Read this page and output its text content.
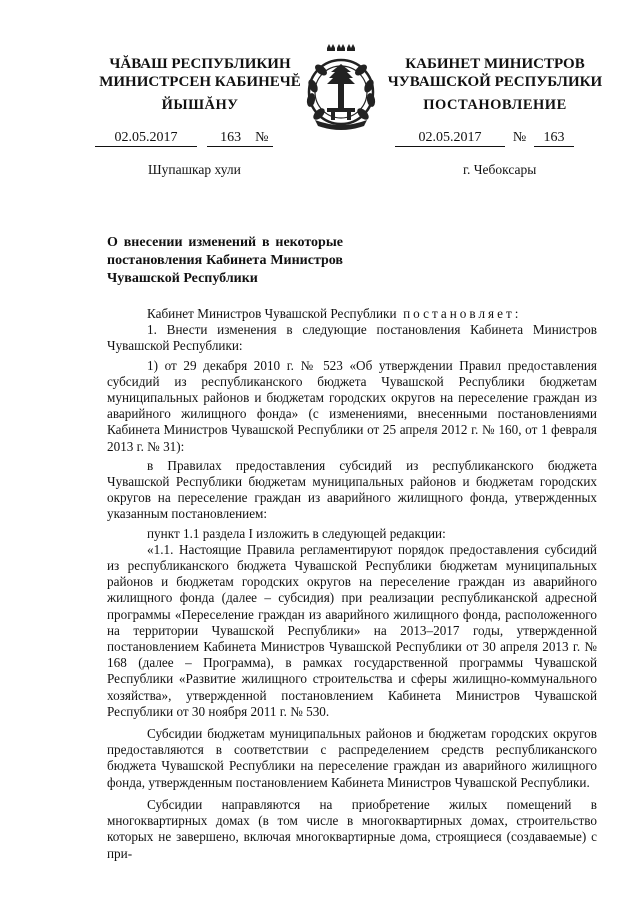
ЧĂВАШ РЕСПУБЛИКИН
МИНИСТРСЕН КАБИНЕЧĔ
ЙЫШĂНУ
КАБИНЕТ МИНИСТРОВ
ЧУВАШСКОЙ РЕСПУБЛИКИ
ПОСТАНОВЛЕНИЕ
02.05.2017	163 №	02.05.2017 № 163
Шупашкар хули	г. Чебоксары
О внесении изменений в некоторые постановления Кабинета Министров Чувашской Республики

Кабинет Министров Чувашской Республики постановляет:

1. Внести изменения в следующие постановления Кабинета Министров Чувашской Республики:

1) от 29 декабря 2010 г. № 523 «Об утверждении Правил предоставления субсидий из республиканского бюджета Чувашской Республики бюджетам муниципальных районов и бюджетам городских округов на переселение граждан из аварийного жилищного фонда» (с изменениями, внесенными постановлениями Кабинета Министров Чувашской Республики от 25 апреля 2012 г. № 160, от 1 февраля 2013 г. № 31):

в Правилах предоставления субсидий из республиканского бюджета Чувашской Республики бюджетам муниципальных районов и бюджетам городских округов на переселение граждан из аварийного жилищного фонда, утвержденных указанным постановлением:

пункт 1.1 раздела I изложить в следующей редакции:

«1.1. Настоящие Правила регламентируют порядок предоставления субсидий из республиканского бюджета Чувашской Республики бюджетам муниципальных районов и бюджетам городских округов на переселение граждан из аварийного жилищного фонда (далее – субсидия) при реализации республиканской адресной программы «Переселение граждан из аварийного жилищного фонда, расположенного на территории Чувашской Республики» на 2013–2017 годы, утвержденной постановлением Кабинета Министров Чувашской Республики от 30 апреля 2013 г. № 168 (далее – Программа), в рамках государственной программы Чувашской Республики «Развитие жилищного строительства и сферы жилищно-коммунального хозяйства», утвержденной постановлением Кабинета Министров Чувашской Республики от 30 ноября 2011 г. № 530.

Субсидии бюджетам муниципальных районов и бюджетам городских округов предоставляются в соответствии с распределением средств республиканского бюджета Чувашской Республики на переселение граждан из аварийного жилищного фонда, утвержденным постановлением Кабинета Министров Чувашской Республики.

Субсидии направляются на приобретение жилых помещений в многоквартирных домах (в том числе в многоквартирных домах, строительство которых не завершено, включая многоквартирные дома, строящиеся (создаваемые) с при-
